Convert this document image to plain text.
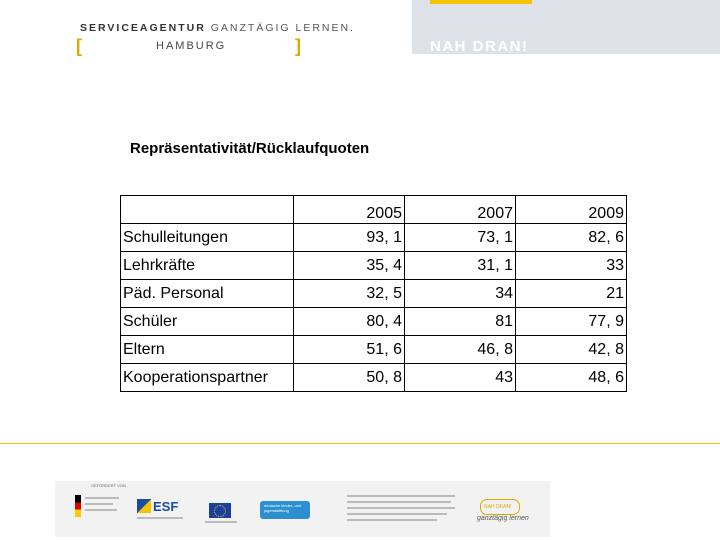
SERVICEAGENTUR GANZTÄGIG LERNEN.
[	HAMBURG	]	NAH DRAN!
Repräsentativität/Rücklaufquoten
	2005	2007	2009
Schulleitungen	93, 1	73, 1	82, 6
Lehrkräfte	35, 4	31, 1	33
Päd. Personal	32, 5	34	21
Schüler	80, 4	81	77, 9
Eltern	51, 6	46, 8	42, 8
Kooperationspartner	50, 8	43	48, 6
GEFÖRDERT VON
ESF	deutsche kinder- und jugendstiftung
NAH DRAN!
ganztägig lernen
